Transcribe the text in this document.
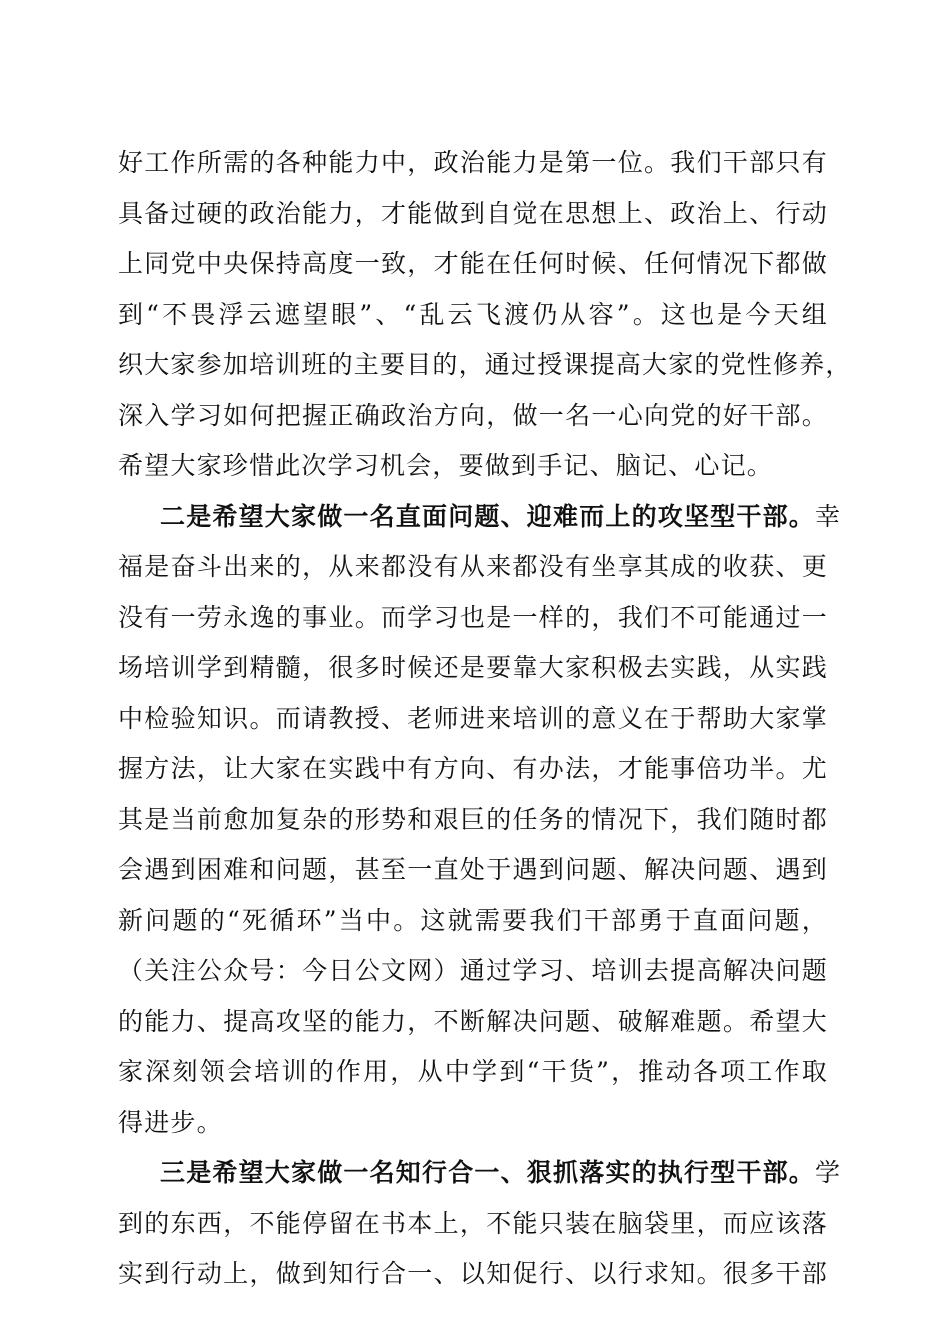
好工作所需的各种能力中，政治能力是第一位。我们干部只有
具备过硬的政治能力，才能做到自觉在思想上、政治上、行动
上同党中央保持高度一致，才能在任何时候、任何情况下都做
到“不畏浮云遮望眼”、“乱云飞渡仍从容”。这也是今天组
织大家参加培训班的主要目的，通过授课提高大家的党性修养，
深入学习如何把握正确政治方向，做一名一心向党的好干部。
希望大家珍惜此次学习机会，要做到手记、脑记、心记。
二是希望大家做一名直面问题、迎难而上的攻坚型干部。幸
福是奋斗出来的，从来都没有从来都没有坐享其成的收获、更
没有一劳永逸的事业。而学习也是一样的，我们不可能通过一
场培训学到精髓，很多时候还是要靠大家积极去实践，从实践
中检验知识。而请教授、老师进来培训的意义在于帮助大家掌
握方法，让大家在实践中有方向、有办法，才能事倍功半。尤
其是当前愈加复杂的形势和艰巨的任务的情况下，我们随时都
会遇到困难和问题，甚至一直处于遇到问题、解决问题、遇到
新问题的“死循环”当中。这就需要我们干部勇于直面问题，
（关注公众号：今日公文网）通过学习、培训去提高解决问题
的能力、提高攻坚的能力，不断解决问题、破解难题。希望大
家深刻领会培训的作用，从中学到“干货”，推动各项工作取
得进步。
三是希望大家做一名知行合一、狠抓落实的执行型干部。学
到的东西，不能停留在书本上，不能只装在脑袋里，而应该落
实到行动上，做到知行合一、以知促行、以行求知。很多干部
